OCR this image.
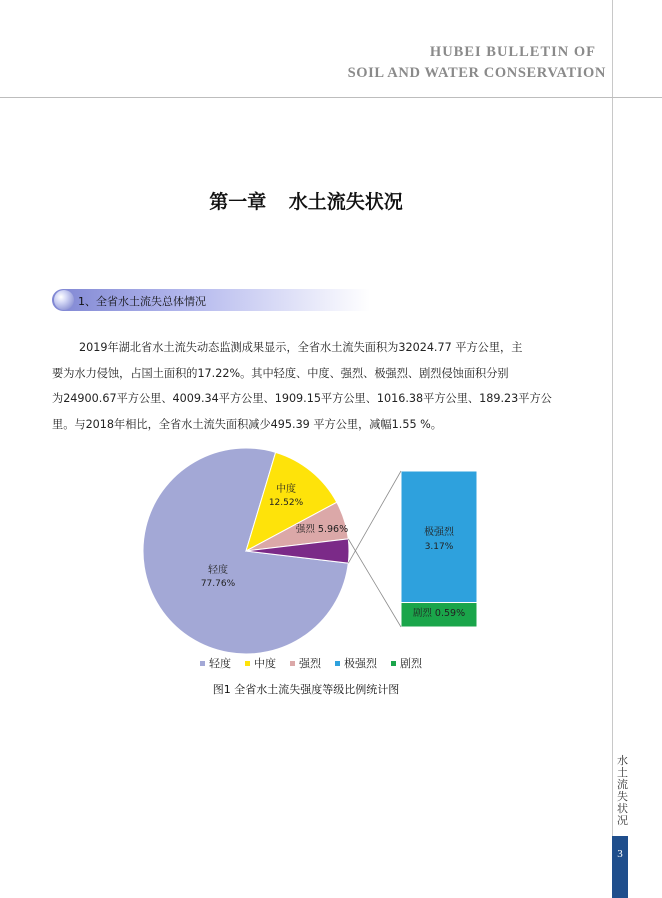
HUBEI BULLETIN OF
SOIL AND WATER CONSERVATION
第一章 水土流失状况
1、全省水土流失总体情况
2019年湖北省水土流失动态监测成果显示，全省水土流失面积为32024.77 平方公里，主
要为水力侵蚀，占国土面积的17.22%。其中轻度、中度、强烈、极强烈、剧烈侵蚀面积分别
为24900.67平方公里、4009.34平方公里、1909.15平方公里、1016.38平方公里、189.23平方公
里。与2018年相比，全省水土流失面积减少495.39 平方公里，减幅1.55 %。
轻度
77.76%
中度
12.52%
强烈 5.96%	极强烈
3.17%
剧烈 0.59%
轻度 中度 强烈 极强烈 剧烈
图1 全省水土流失强度等级比例统计图
水土流失状况
3
